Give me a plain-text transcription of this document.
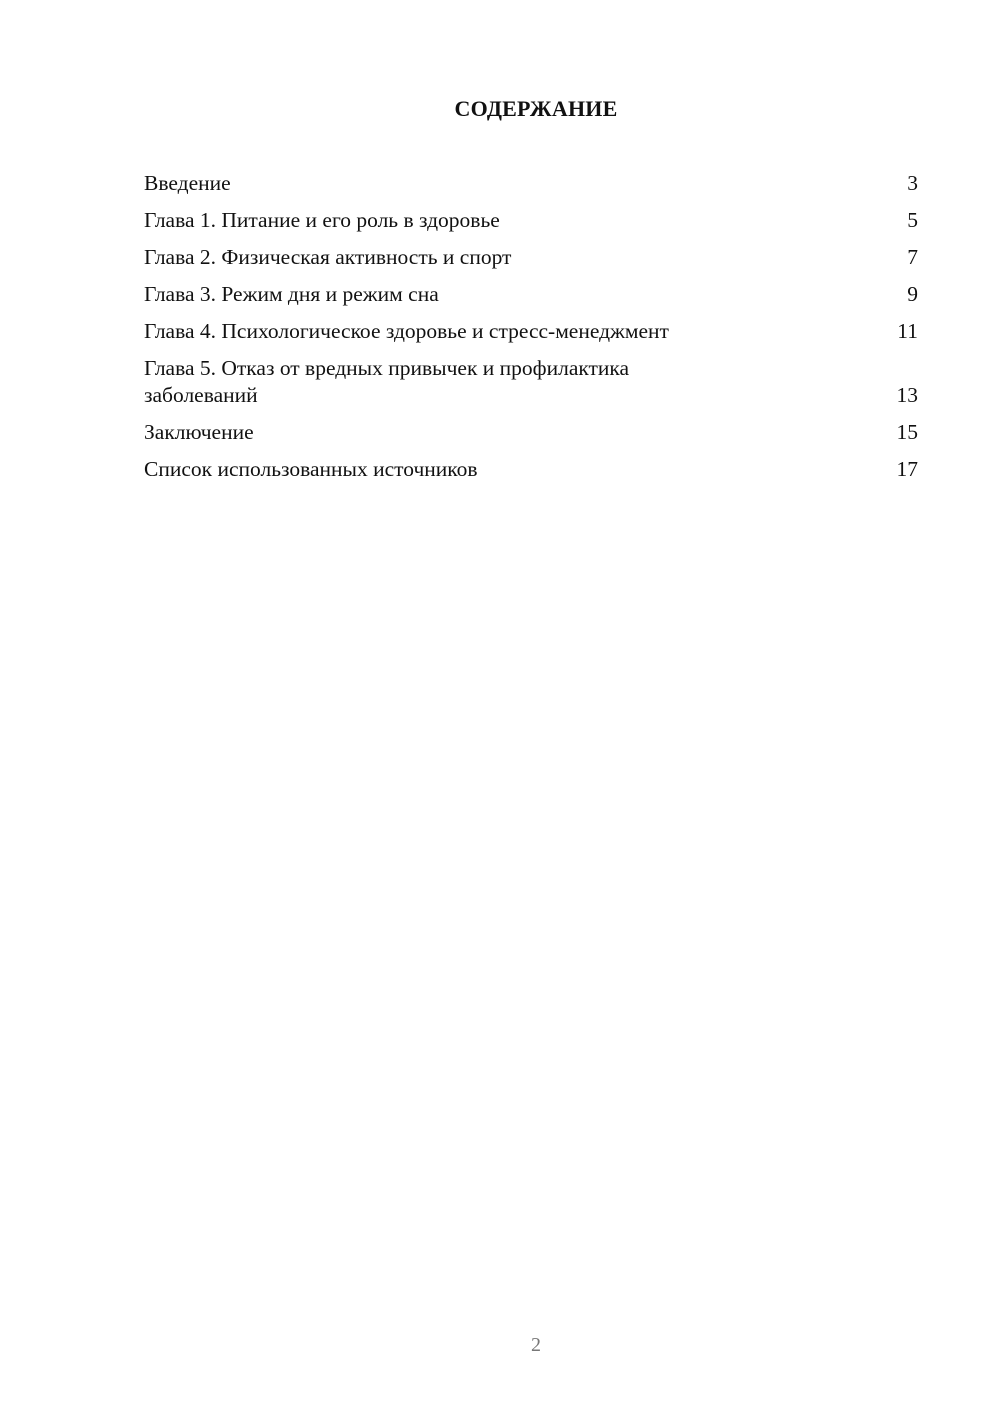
СОДЕРЖАНИЕ
Введение	3
Глава 1. Питание и его роль в здоровье	5
Глава 2. Физическая активность и спорт	7
Глава 3. Режим дня и режим сна	9
Глава 4. Психологическое здоровье и стресс-менеджмент	11
Глава 5. Отказ от вредных привычек и профилактика заболеваний	13
Заключение	15
Список использованных источников	17
2
